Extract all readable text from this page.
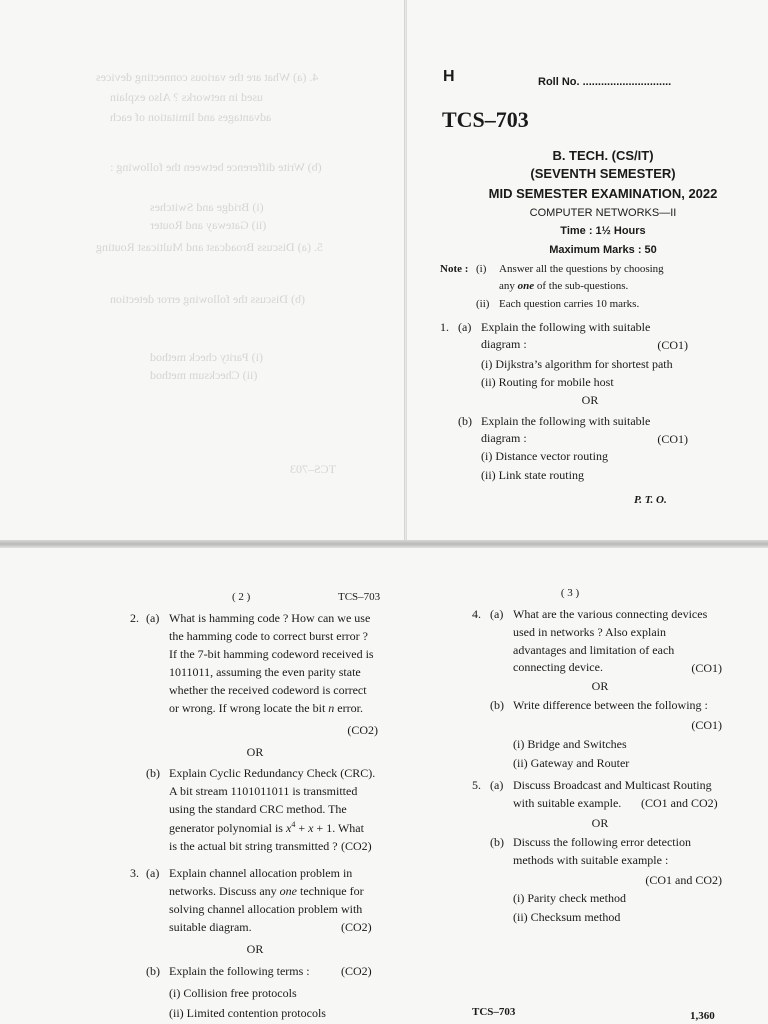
4. (a) What are the various connecting devices
used in networks ? Also explain
advantages and limitation of each
(b) Write difference between the following :
(i) Bridge and Switches
(ii) Gateway and Router
5. (a) Discuss Broadcast and Multicast Routing
(b) Discuss the following error detection
(i) Parity check method
(ii) Checksum method
TCS–703
H	Roll No. .............................
TCS–703
B. TECH. (CS/IT)
(SEVENTH SEMESTER)
MID SEMESTER EXAMINATION, 2022
COMPUTER NETWORKS—II
Time : 1½ Hours
Maximum Marks : 50
Note : (i) Answer all the questions by choosing
any one of the sub-questions.
(ii) Each question carries 10 marks.
1. (a) Explain the following with suitable
diagram :	(CO1)
(i) Dijkstra’s algorithm for shortest path
(ii) Routing for mobile host
OR
(b) Explain the following with suitable
diagram :	(CO1)
(i) Distance vector routing
(ii) Link state routing
P. T. O.
( 2 )	TCS–703
2. (a) What is hamming code ? How can we use
the hamming code to correct burst error ?
If the 7-bit hamming codeword received is
1011011, assuming the even parity state
whether the received codeword is correct
or wrong. If wrong locate the bit n error.
(CO2)
OR
(b) Explain Cyclic Redundancy Check (CRC).
A bit stream 1101011011 is transmitted
using the standard CRC method. The
generator polynomial is $x^4 + x + 1$. What
is the actual bit string transmitted ? (CO2)
3. (a) Explain channel allocation problem in
networks. Discuss any one technique for
solving channel allocation problem with
suitable diagram.	(CO2)
OR
(b) Explain the following terms :	(CO2)
(i) Collision free protocols
(ii) Limited contention protocols
( 3 )
4. (a) What are the various connecting devices
used in networks ? Also explain
advantages and limitation of each
connecting device.	(CO1)
OR
(b) Write difference between the following :
(CO1)
(i) Bridge and Switches
(ii) Gateway and Router
5. (a) Discuss Broadcast and Multicast Routing
with suitable example. (CO1 and CO2)
OR
(b) Discuss the following error detection
methods with suitable example :
(CO1 and CO2)
(i) Parity check method
(ii) Checksum method
TCS–703	1,360
